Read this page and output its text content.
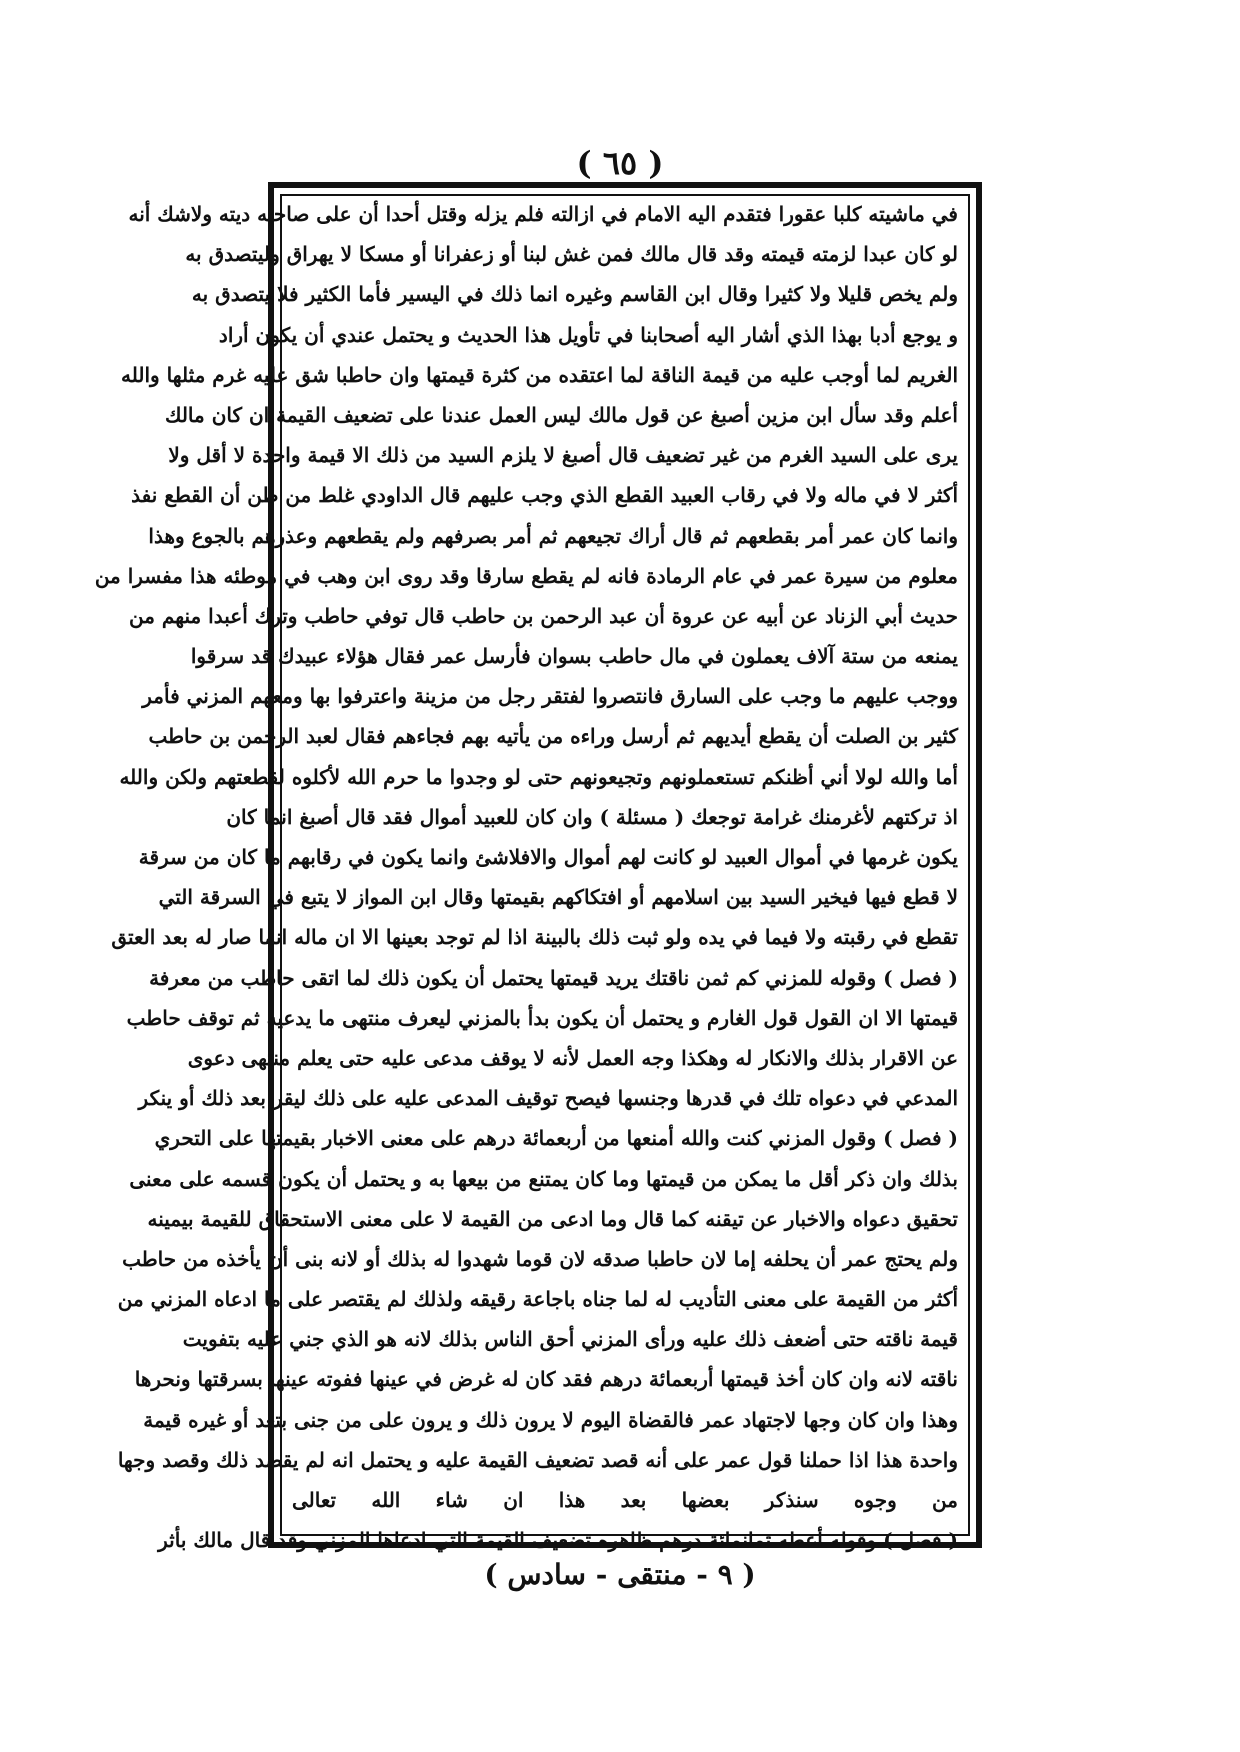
( ٦٥ )
في ماشيته كلبا عقورا فتقدم اليه الامام في ازالته فلم يزله وقتل أحدا أن على صاحبه ديته ولاشك أنه
لو كان عبدا لزمته قيمته وقد قال مالك فمن غش لبنا أو زعفرانا أو مسكا لا يهراق وليتصدق به
ولم يخص قليلا ولا كثيرا وقال ابن القاسم وغيره انما ذلك في اليسير فأما الكثير فلا يتصدق به
و يوجع أدبا بهذا الذي أشار اليه أصحابنا في تأويل هذا الحديث و يحتمل عندي أن يكون أراد
الغريم لما أوجب عليه من قيمة الناقة لما اعتقده من كثرة قيمتها وان حاطبا شق عليه غرم مثلها والله
أعلم وقد سأل ابن مزين أصبغ عن قول مالك ليس العمل عندنا على تضعيف القيمة ان كان مالك
يرى على السيد الغرم من غير تضعيف قال أصبغ لا يلزم السيد من ذلك الا قيمة واحدة لا أقل ولا
أكثر لا في ماله ولا في رقاب العبيد القطع الذي وجب عليهم قال الداودي غلط من ظن أن القطع نفذ
وانما كان عمر أمر بقطعهم ثم قال أراك تجيعهم ثم أمر بصرفهم ولم يقطعهم وعذرهم بالجوع وهذا
معلوم من سيرة عمر في عام الرمادة فانه لم يقطع سارقا وقد روى ابن وهب في موطئه هذا مفسرا من
حديث أبي الزناد عن أبيه عن عروة أن عبد الرحمن بن حاطب قال توفي حاطب وترك أعبدا منهم من
يمنعه من ستة آلاف يعملون في مال حاطب بسوان فأرسل عمر فقال هؤلاء عبيدك قد سرقوا
ووجب عليهم ما وجب على السارق فانتصروا لفتقر رجل من مزينة واعترفوا بها ومعهم المزني فأمر
كثير بن الصلت أن يقطع أيديهم ثم أرسل وراءه من يأتيه بهم فجاءهم فقال لعبد الرحمن بن حاطب
أما والله لولا أني أظنكم تستعملونهم وتجيعونهم حتى لو وجدوا ما حرم الله لأكلوه لقطعتهم ولكن والله
اذ تركتهم لأغرمنك غرامة توجعك ( مسئلة ) وان كان للعبيد أموال فقد قال أصبغ انما كان
يكون غرمها في أموال العبيد لو كانت لهم أموال والافلاشئ وانما يكون في رقابهم ما كان من سرقة
لا قطع فيها فيخير السيد بين اسلامهم أو افتكاكهم بقيمتها وقال ابن المواز لا يتبع في السرقة التي
تقطع في رقبته ولا فيما في يده ولو ثبت ذلك بالبينة اذا لم توجد بعينها الا ان ماله انما صار له بعد العتق
( فصل ) وقوله للمزني كم ثمن ناقتك يريد قيمتها يحتمل أن يكون ذلك لما اتقى حاطب من معرفة
قيمتها الا ان القول قول الغارم و يحتمل أن يكون بدأ بالمزني ليعرف منتهى ما يدعيه ثم توقف حاطب
عن الاقرار بذلك والانكار له وهكذا وجه العمل لأنه لا يوقف مدعى عليه حتى يعلم منتهى دعوى
المدعي في دعواه تلك في قدرها وجنسها فيصح توقيف المدعى عليه على ذلك ليقر بعد ذلك أو ينكر
( فصل ) وقول المزني كنت والله أمنعها من أربعمائة درهم على معنى الاخبار بقيمتها على التحري
بذلك وان ذكر أقل ما يمكن من قيمتها وما كان يمتنع من بيعها به و يحتمل أن يكون قسمه على معنى
تحقيق دعواه والاخبار عن تيقنه كما قال وما ادعى من القيمة لا على معنى الاستحقاق للقيمة بيمينه
ولم يحتج عمر أن يحلفه إما لان حاطبا صدقه لان قوما شهدوا له بذلك أو لانه بنى أن يأخذه من حاطب
أكثر من القيمة على معنى التأديب له لما جناه باجاعة رقيقه ولذلك لم يقتصر على ما ادعاه المزني من
قيمة ناقته حتى أضعف ذلك عليه ورأى المزني أحق الناس بذلك لانه هو الذي جني عليه بتفويت
ناقته لانه وان كان أخذ قيمتها أربعمائة درهم فقد كان له غرض في عينها ففوته عينها بسرقتها ونحرها
وهذا وان كان وجها لاجتهاد عمر فالقضاة اليوم لا يرون ذلك و يرون على من جنى بتعد أو غيره قيمة
واحدة هذا اذا حملنا قول عمر على أنه قصد تضعيف القيمة عليه و يحتمل انه لم يقصد ذلك وقصد وجها
من وجوه سنذكر بعضها بعد هذا ان شاء الله تعالى
( فصل ) وقوله أعطه ثمانمائة درهم ظاهره تضعيف القيمة التي ادعاها المزني وقد قال مالك بأثر
( ٩ - منتقى - سادس )
